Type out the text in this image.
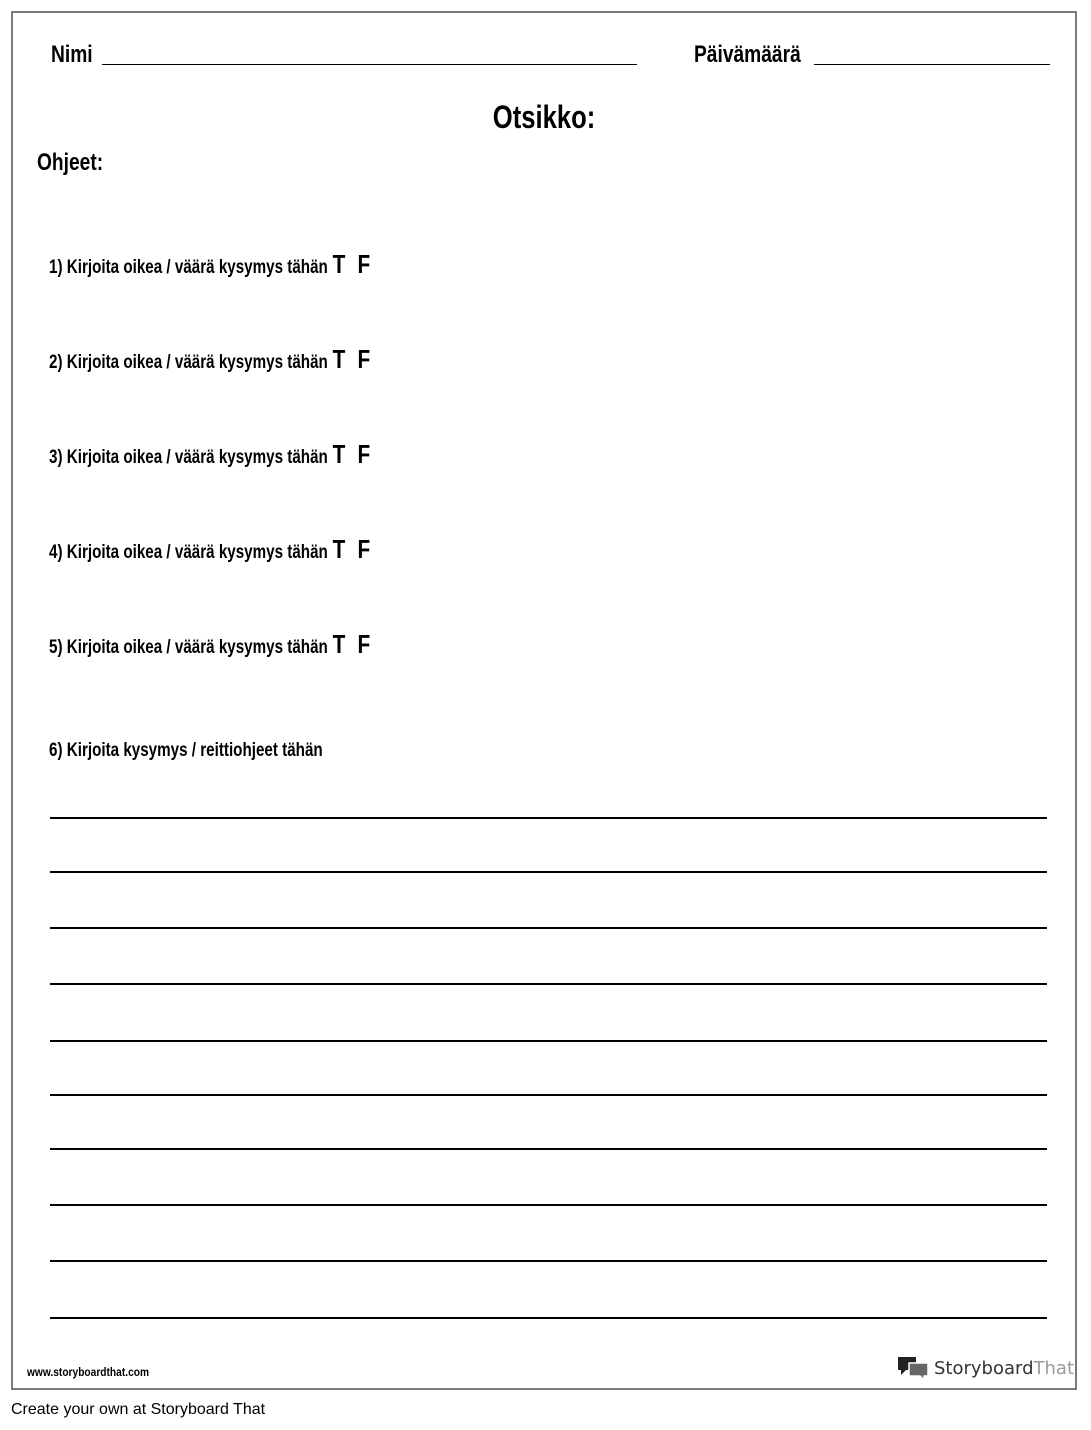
Nimi	Päivämäärä
Otsikko:
Ohjeet:
1) Kirjoita oikea / väärä kysymys tähän T F
2) Kirjoita oikea / väärä kysymys tähän T F
3) Kirjoita oikea / väärä kysymys tähän T F
4) Kirjoita oikea / väärä kysymys tähän T F
5) Kirjoita oikea / väärä kysymys tähän T F
6) Kirjoita kysymys / reittiohjeet tähän
www.storyboardthat.com	StoryboardThat
Create your own at Storyboard That
